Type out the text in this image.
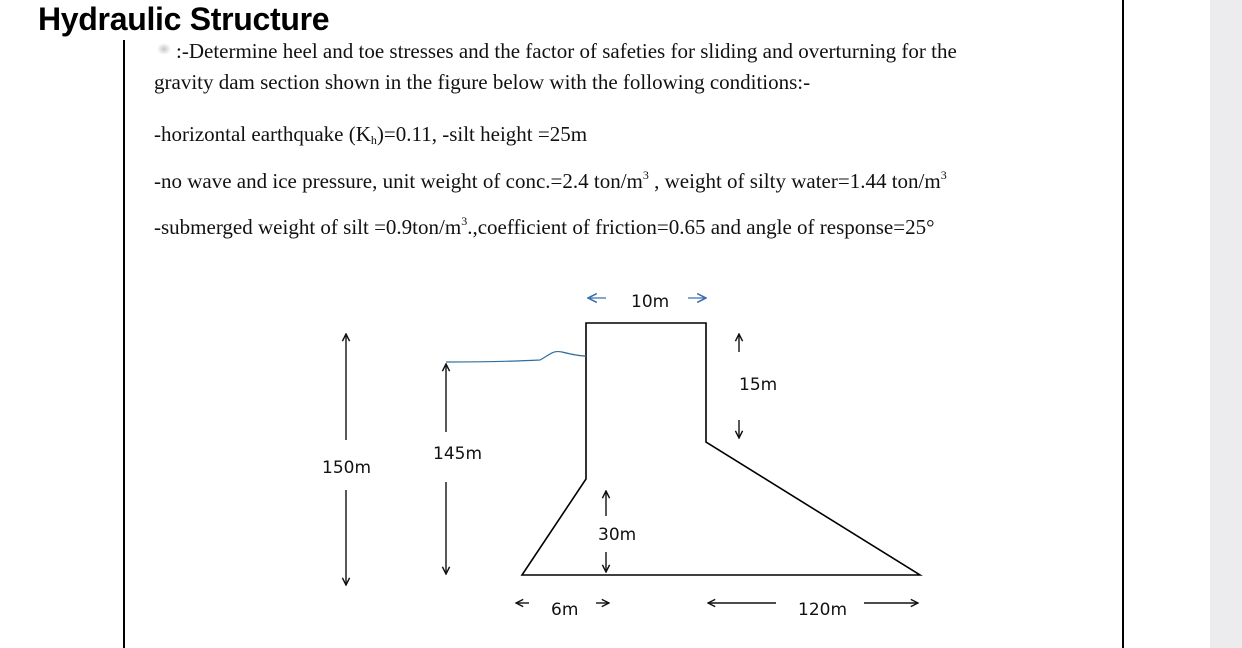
Hydraulic Structure

:-Determine heel and toe stresses and the factor of safeties for sliding and overturning for the

gravity dam section shown in the figure below with the following conditions:-

-horizontal earthquake (Kh)=0.11, -silt height =25m

-no wave and ice pressure, unit weight of conc.=2.4 ton/$m^3$ , weight of silty water=1.44 ton/$m^3$

-submerged weight of silt $=0.9ton/m^3.,coefficient$ of friction=0.65 and angle of response=25°

10m
15m
150m
145m
30m
6m	120m
